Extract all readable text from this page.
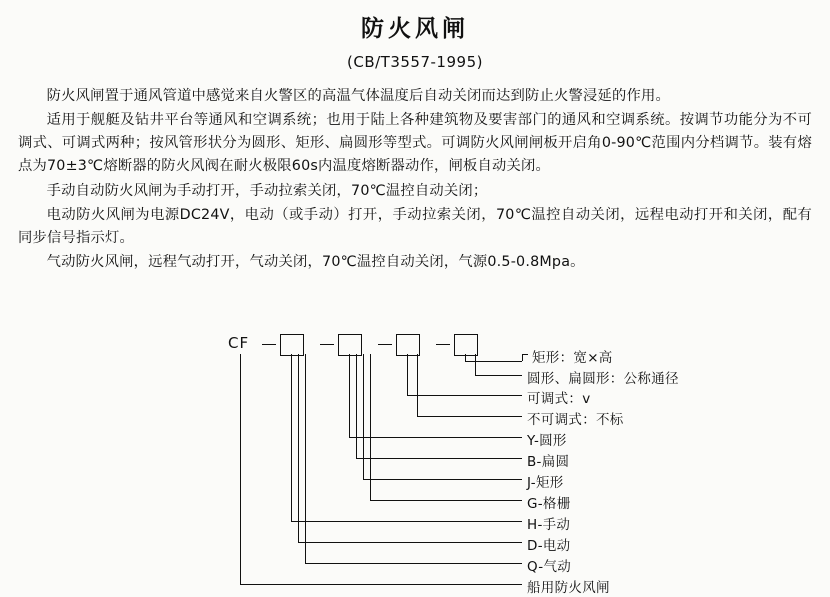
防火风闸
(CB/T3557-1995)

防火风闸置于通风管道中感觉来自火警区的高温气体温度后自动关闭而达到防止火警浸延的作用。

适用于舰艇及钻井平台等通风和空调系统；也用于陆上各种建筑物及要害部门的通风和空调系统。按调节功能分为不可调式、可调式两种；按风管形状分为圆形、矩形、扁圆形等型式。可调防火风闸闸板开启角0-90℃范围内分档调节。装有熔点为70±3℃熔断器的防火风阀在耐火极限60s内温度熔断器动作，闸板自动关闭。

手动自动防火风闸为手动打开，手动拉索关闭，70℃温控自动关闭；

电动防火风闸为电源DC24V，电动（或手动）打开，手动拉索关闭，70℃温控自动关闭，远程电动打开和关闭，配有同步信号指示灯。

气动防火风闸，远程气动打开，气动关闭，70℃温控自动关闭，气源0.5-0.8Mpa。

CF
矩形：宽×高
圆形、扁圆形：公称通径
可调式：v
不可调式：不标
Y-圆形
B-扁圆
J-矩形
G-格栅
H-手动
D-电动
Q-气动
船用防火风闸
